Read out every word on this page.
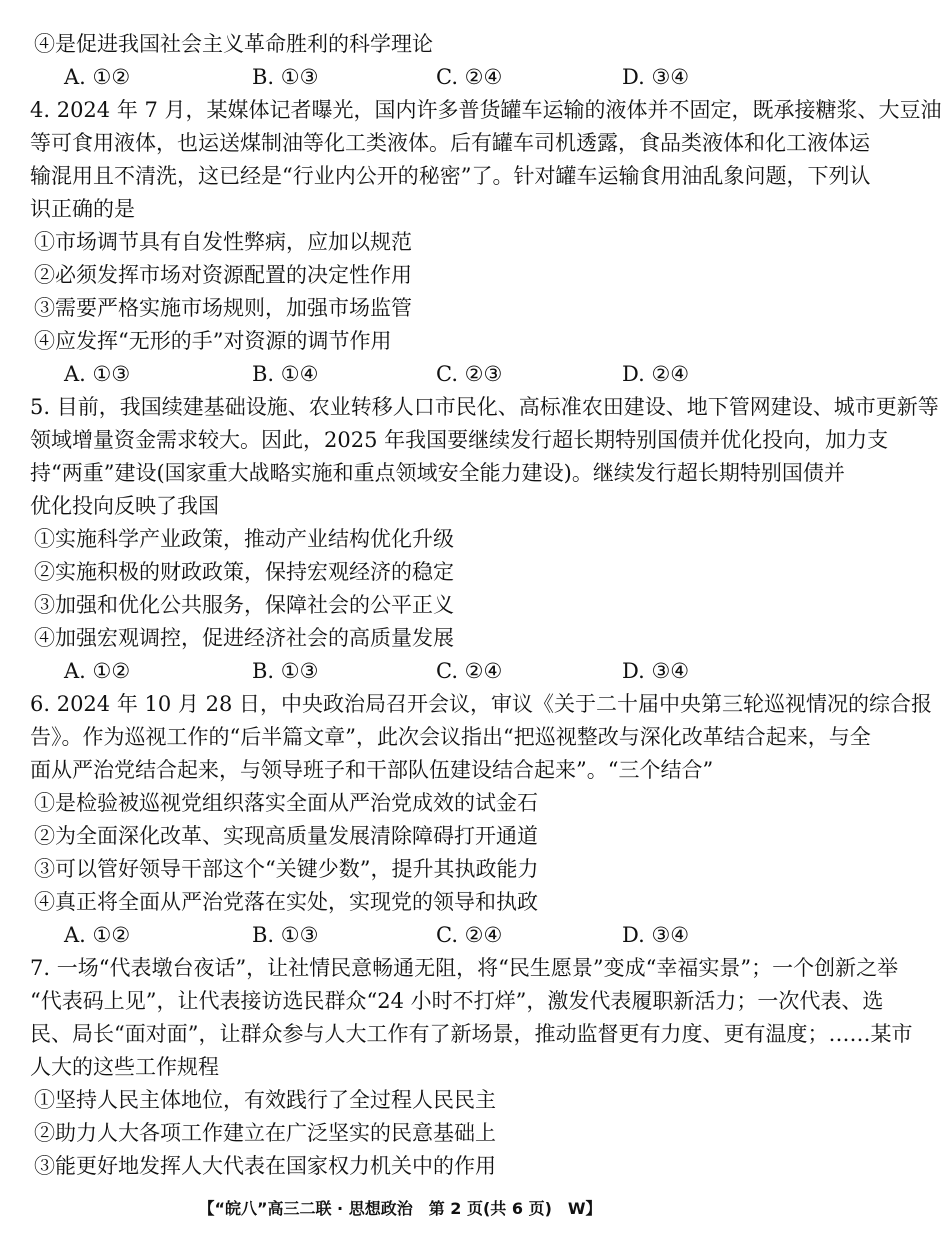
④是促进我国社会主义革命胜利的科学理论
A. ①②	B. ①③	C. ②④	D. ③④
4. 2024 年 7 月，某媒体记者曝光，国内许多普货罐车运输的液体并不固定，既承接糖浆、大豆油
等可食用液体，也运送煤制油等化工类液体。后有罐车司机透露，食品类液体和化工液体运
输混用且不清洗，这已经是“行业内公开的秘密”了。针对罐车运输食用油乱象问题，下列认
识正确的是
①市场调节具有自发性弊病，应加以规范
②必须发挥市场对资源配置的决定性作用
③需要严格实施市场规则，加强市场监管
④应发挥“无形的手”对资源的调节作用
A. ①③	B. ①④	C. ②③	D. ②④
5. 目前，我国续建基础设施、农业转移人口市民化、高标准农田建设、地下管网建设、城市更新等
领域增量资金需求较大。因此，2025 年我国要继续发行超长期特别国债并优化投向，加力支
持“两重”建设(国家重大战略实施和重点领域安全能力建设)。继续发行超长期特别国债并
优化投向反映了我国
①实施科学产业政策，推动产业结构优化升级
②实施积极的财政政策，保持宏观经济的稳定
③加强和优化公共服务，保障社会的公平正义
④加强宏观调控，促进经济社会的高质量发展
A. ①②	B. ①③	C. ②④	D. ③④
6. 2024 年 10 月 28 日，中央政治局召开会议，审议《关于二十届中央第三轮巡视情况的综合报
告》。作为巡视工作的“后半篇文章”，此次会议指出“把巡视整改与深化改革结合起来，与全
面从严治党结合起来，与领导班子和干部队伍建设结合起来”。“三个结合”
①是检验被巡视党组织落实全面从严治党成效的试金石
②为全面深化改革、实现高质量发展清除障碍打开通道
③可以管好领导干部这个“关键少数”，提升其执政能力
④真正将全面从严治党落在实处，实现党的领导和执政
A. ①②	B. ①③	C. ②④	D. ③④
7. 一场“代表墩台夜话”，让社情民意畅通无阻，将“民生愿景”变成“幸福实景”；一个创新之举
“代表码上见”，让代表接访选民群众“24 小时不打烊”，激发代表履职新活力；一次代表、选
民、局长“面对面”，让群众参与人大工作有了新场景，推动监督更有力度、更有温度；……某市
人大的这些工作规程
①坚持人民主体地位，有效践行了全过程人民民主
②助力人大各项工作建立在广泛坚实的民意基础上
③能更好地发挥人大代表在国家权力机关中的作用
【“皖八”高三二联 · 思想政治　第 2 页(共 6 页)　W】
